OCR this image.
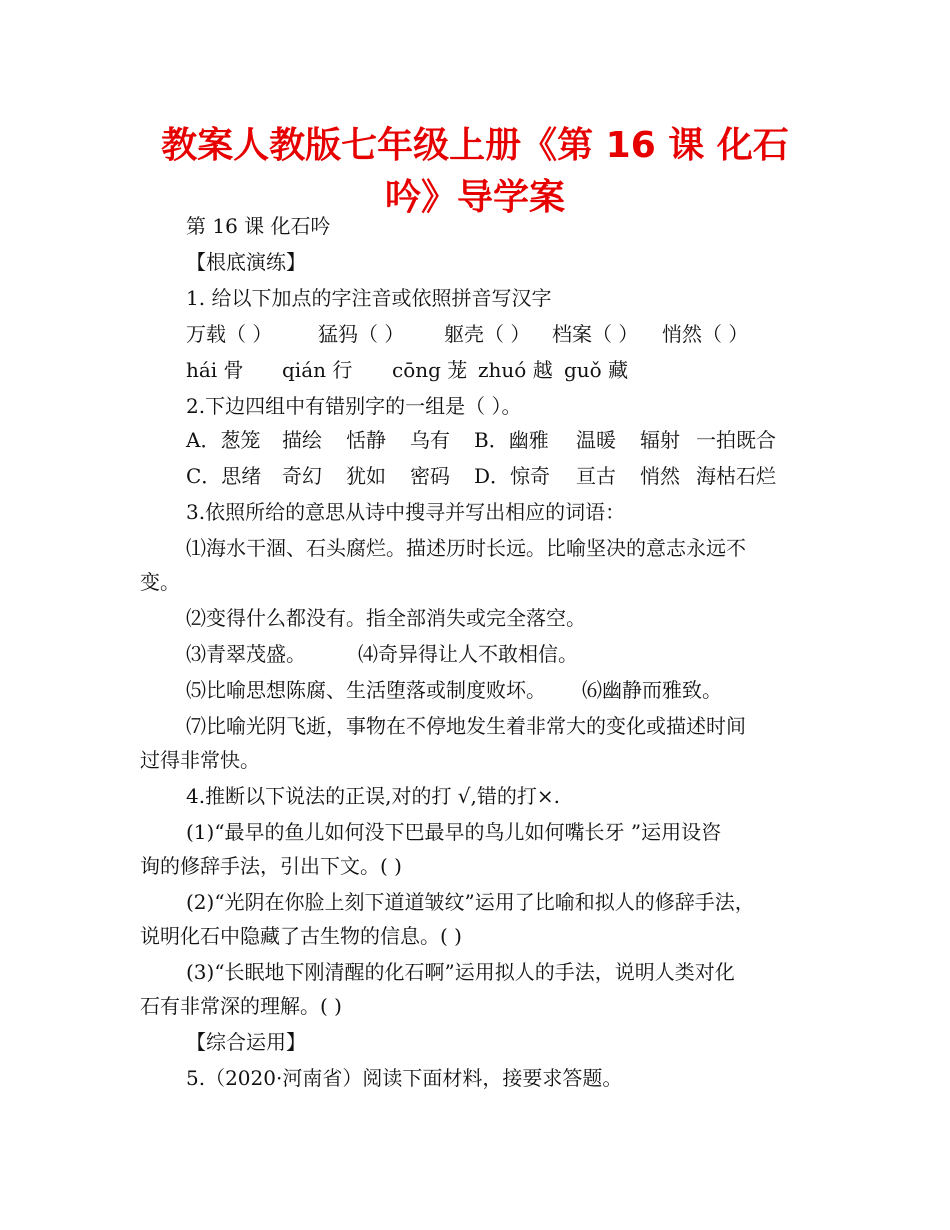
教案人教版七年级上册《第 16 课 化石
吟》导学案
第 16 课 化石吟
【根底演练】
1. 给以下加点的字注音或依照拼音写汉字
万载（ ） 猛犸（ ） 躯壳（ ） 档案（ ） 悄然（ ）
hái 骨 qián 行 cōng 茏 zhuó 越 guǒ 藏
2.下边四组中有错别字的一组是（ ）。
A．葱笼 描绘 恬静 乌有 B．幽雅 温暖 辐射 一拍既合
C．思绪 奇幻 犹如 密码 D．惊奇 亘古 悄然 海枯石烂
3.依照所给的意思从诗中搜寻并写出相应的词语：
⑴海水干涸、石头腐烂。描述历时长远。比喻坚决的意志永远不
变。
⑵变得什么都没有。指全部消失或完全落空。
⑶青翠茂盛。	⑷奇异得让人不敢相信。
⑸比喻思想陈腐、生活堕落或制度败坏。 ⑹幽静而雅致。
⑺比喻光阴飞逝，事物在不停地发生着非常大的变化或描述时间
过得非常快。
4.推断以下说法的正误,对的打 √,错的打×.
(1)“最早的鱼儿如何没下巴最早的鸟儿如何嘴长牙 ”运用设咨
询的修辞手法，引出下文。( )
(2)“光阴在你脸上刻下道道皱纹”运用了比喻和拟人的修辞手法，
说明化石中隐藏了古生物的信息。( )
(3)“长眠地下刚清醒的化石啊”运用拟人的手法，说明人类对化
石有非常深的理解。( )
【综合运用】
5.（2020·河南省）阅读下面材料，接要求答题。
